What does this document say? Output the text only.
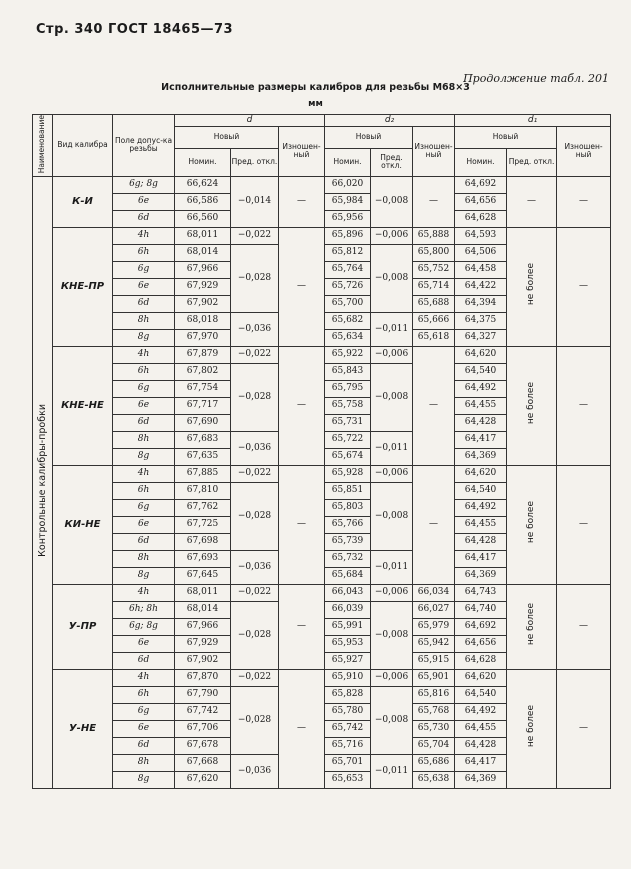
Стр. 340 ГОСТ 18465—73
Продолжение табл. 201
Исполнительные размеры калибров для резьбы М68×3
мм
Наименование	Вид калибра	Поле допус-ка резьбы	d			d₂			d₁		
			Новый		Изношен-ный	Новый		Изношен-ный	Новый		Изношен-ный
			Номин.	Пред. откл.		Номин.	Пред. откл.		Номин.	Пред. откл.	
Контрольные калибры-пробки	К-И	6g; 8g	66,624	−0,014	—	66,020	−0,008	—	64,692	—	—
		6e	66,586			65,984			64,656		
		6d	66,560			65,956			64,628		
	КНЕ-ПР	4h	68,011	−0,022	—	65,896	−0,006	65,888	64,593	не более	—
		6h	68,014	−0,028		65,812	−0,008	65,800	64,506		
		6g	67,966			65,764		65,752	64,458		
		6e	67,929			65,726		65,714	64,422		
		6d	67,902			65,700		65,688	64,394		
		8h	68,018	−0,036		65,682	−0,011	65,666	64,375		
		8g	67,970			65,634		65,618	64,327		
	КНЕ-НЕ	4h	67,879	−0,022	—	65,922	−0,006	—	64,620	не более	—
		6h	67,802	−0,028		65,843	−0,008		64,540		
		6g	67,754			65,795			64,492		
		6e	67,717			65,758			64,455		
		6d	67,690			65,731			64,428		
		8h	67,683	−0,036		65,722	−0,011		64,417		
		8g	67,635			65,674			64,369		
	КИ-НЕ	4h	67,885	−0,022	—	65,928	−0,006	—	64,620	не более	—
		6h	67,810	−0,028		65,851	−0,008		64,540		
		6g	67,762			65,803			64,492		
		6e	67,725			65,766			64,455		
		6d	67,698			65,739			64,428		
		8h	67,693	−0,036		65,732	−0,011		64,417		
		8g	67,645			65,684			64,369		
	У-ПР	4h	68,011	−0,022	—	66,043	−0,006	66,034	64,743	не более	—
		6h; 8h	68,014	−0,028		66,039	−0,008	66,027	64,740		
		6g; 8g	67,966			65,991		65,979	64,692		
		6e	67,929			65,953		65,942	64,656		
		6d	67,902			65,927		65,915	64,628		
	У-НЕ	4h	67,870	−0,022	—	65,910	−0,006	65,901	64,620	не более	—
		6h	67,790	−0,028		65,828	−0,008	65,816	64,540		
		6g	67,742			65,780		65,768	64,492		
		6e	67,706			65,742		65,730	64,455		
		6d	67,678			65,716		65,704	64,428		
		8h	67,668	−0,036		65,701	−0,011	65,686	64,417		
		8g	67,620			65,653		65,638	64,369		
